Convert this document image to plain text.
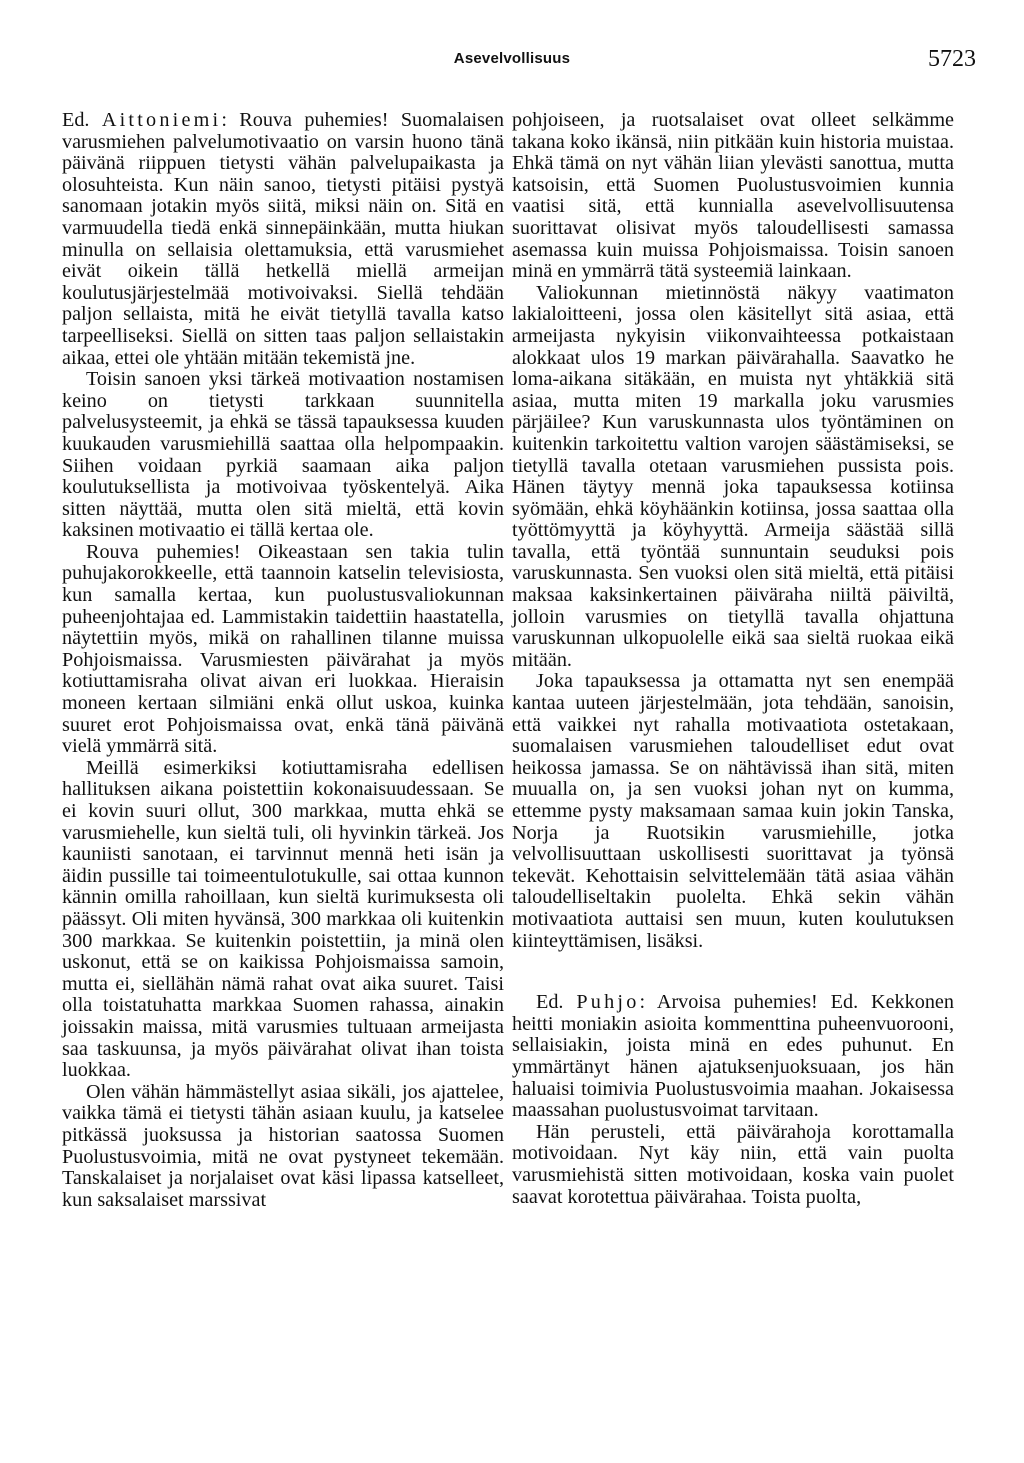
Asevelvollisuus	5723

Ed. Aittoniemi: Rouva puhemies! Suomalaisen varusmiehen palvelumotivaatio on varsin huono tänä päivänä riippuen tietysti vähän palvelupaikasta ja olosuhteista. Kun näin sanoo, tietysti pitäisi pystyä sanomaan jotakin myös siitä, miksi näin on. Sitä en varmuudella tiedä enkä sinnepäinkään, mutta hiukan minulla on sellaisia olettamuksia, että varusmiehet eivät oikein tällä hetkellä miellä armeijan koulutusjärjestelmää motivoivaksi. Siellä tehdään paljon sellaista, mitä he eivät tietyllä tavalla katso tarpeelliseksi. Siellä on sitten taas paljon sellaistakin aikaa, ettei ole yhtään mitään tekemistä jne.

Toisin sanoen yksi tärkeä motivaation nostamisen keino on tietysti tarkkaan suunnitella palvelusysteemit, ja ehkä se tässä tapauksessa kuuden kuukauden varusmiehillä saattaa olla helpompaakin. Siihen voidaan pyrkiä saamaan aika paljon koulutuksellista ja motivoivaa työskentelyä. Aika sitten näyttää, mutta olen sitä mieltä, että kovin kaksinen motivaatio ei tällä kertaa ole.

Rouva puhemies! Oikeastaan sen takia tulin puhujakorokkeelle, että taannoin katselin televisiosta, kun samalla kertaa, kun puolustusvaliokunnan puheenjohtajaa ed. Lammistakin taidettiin haastatella, näytettiin myös, mikä on rahallinen tilanne muissa Pohjoismaissa. Varusmiesten päivärahat ja myös kotiuttamisraha olivat aivan eri luokkaa. Hieraisin moneen kertaan silmiäni enkä ollut uskoa, kuinka suuret erot Pohjoismaissa ovat, enkä tänä päivänä vielä ymmärrä sitä.

Meillä esimerkiksi kotiuttamisraha edellisen hallituksen aikana poistettiin kokonaisuudessaan. Se ei kovin suuri ollut, 300 markkaa, mutta ehkä se varusmiehelle, kun sieltä tuli, oli hyvinkin tärkeä. Jos kauniisti sanotaan, ei tarvinnut mennä heti isän ja äidin pussille tai toimeentulotukulle, sai ottaa kunnon kännin omilla rahoillaan, kun sieltä kurimuksesta oli päässyt. Oli miten hyvänsä, 300 markkaa oli kuitenkin 300 markkaa. Se kuitenkin poistettiin, ja minä olen uskonut, että se on kaikissa Pohjoismaissa samoin, mutta ei, siellähän nämä rahat ovat aika suuret. Taisi olla toistatuhatta markkaa Suomen rahassa, ainakin joissakin maissa, mitä varusmies tultuaan armeijasta saa taskuunsa, ja myös päivärahat olivat ihan toista luokkaa.

Olen vähän hämmästellyt asiaa sikäli, jos ajattelee, vaikka tämä ei tietysti tähän asiaan kuulu, ja katselee pitkässä juoksussa ja historian saatossa Suomen Puolustusvoimia, mitä ne ovat pystyneet tekemään. Tanskalaiset ja norjalaiset ovat käsi lipassa katselleet, kun saksalaiset marssivat

pohjoiseen, ja ruotsalaiset ovat olleet selkämme takana koko ikänsä, niin pitkään kuin historia muistaa. Ehkä tämä on nyt vähän liian ylevästi sanottua, mutta katsoisin, että Suomen Puolustusvoimien kunnia vaatisi sitä, että kunnialla asevelvollisuutensa suorittavat olisivat myös taloudellisesti samassa asemassa kuin muissa Pohjoismaissa. Toisin sanoen minä en ymmärrä tätä systeemiä lainkaan.

Valiokunnan mietinnöstä näkyy vaatimaton lakialoitteeni, jossa olen käsitellyt sitä asiaa, että armeijasta nykyisin viikonvaihteessa potkaistaan alokkaat ulos 19 markan päivärahalla. Saavatko he loma-aikana sitäkään, en muista nyt yhtäkkiä sitä asiaa, mutta miten 19 markalla joku varusmies pärjäilee? Kun varuskunnasta ulos työntäminen on kuitenkin tarkoitettu valtion varojen säästämiseksi, se tietyllä tavalla otetaan varusmiehen pussista pois. Hänen täytyy mennä joka tapauksessa kotiinsa syömään, ehkä köyhäänkin kotiinsa, jossa saattaa olla työttömyyttä ja köyhyyttä. Armeija säästää sillä tavalla, että työntää sunnuntain seuduksi pois varuskunnasta. Sen vuoksi olen sitä mieltä, että pitäisi maksaa kaksinkertainen päiväraha niiltä päiviltä, jolloin varusmies on tietyllä tavalla ohjattuna varuskunnan ulkopuolelle eikä saa sieltä ruokaa eikä mitään.

Joka tapauksessa ja ottamatta nyt sen enempää kantaa uuteen järjestelmään, jota tehdään, sanoisin, että vaikkei nyt rahalla motivaatiota ostetakaan, suomalaisen varusmiehen taloudelliset edut ovat heikossa jamassa. Se on nähtävissä ihan sitä, miten muualla on, ja sen vuoksi johan nyt on kumma, ettemme pysty maksamaan samaa kuin jokin Tanska, Norja ja Ruotsikin varusmiehille, jotka velvollisuuttaan uskollisesti suorittavat ja työnsä tekevät. Kehottaisin selvittelemään tätä asiaa vähän taloudelliseltakin puolelta. Ehkä sekin vähän motivaatiota auttaisi sen muun, kuten koulutuksen kiinteyttämisen, lisäksi.

Ed. Puhjo: Arvoisa puhemies! Ed. Kekkonen heitti moniakin asioita kommenttina puheenvuorooni, sellaisiakin, joista minä en edes puhunut. En ymmärtänyt hänen ajatuksenjuoksuaan, jos hän haluaisi toimivia Puolustusvoimia maahan. Jokaisessa maassahan puolustusvoimat tarvitaan.

Hän perusteli, että päivärahoja korottamalla motivoidaan. Nyt käy niin, että vain puolta varusmiehistä sitten motivoidaan, koska vain puolet saavat korotettua päivärahaa. Toista puolta,
